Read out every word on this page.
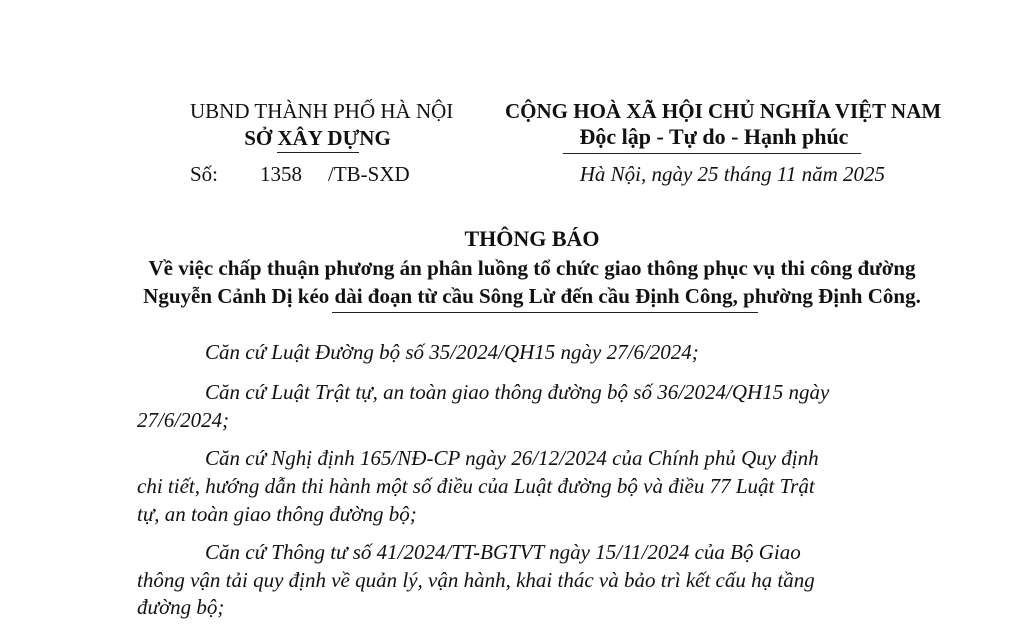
UBND THÀNH PHỐ HÀ NỘI
SỞ XÂY DỰNG
Số: 1358 /TB-SXD
CỘNG HOÀ XÃ HỘI CHỦ NGHĨA VIỆT NAM
Độc lập - Tự do - Hạnh phúc
Hà Nội, ngày 25 tháng 11 năm 2025
THÔNG BÁO
Về việc chấp thuận phương án phân luồng tổ chức giao thông phục vụ thi công đường
Nguyễn Cảnh Dị kéo dài đoạn từ cầu Sông Lừ đến cầu Định Công, phường Định Công.
Căn cứ Luật Đường bộ số 35/2024/QH15 ngày 27/6/2024;
Căn cứ Luật Trật tự, an toàn giao thông đường bộ số 36/2024/QH15 ngày
27/6/2024;
Căn cứ Nghị định 165/NĐ-CP ngày 26/12/2024 của Chính phủ Quy định
chi tiết, hướng dẫn thi hành một số điều của Luật đường bộ và điều 77 Luật Trật
tự, an toàn giao thông đường bộ;
Căn cứ Thông tư số 41/2024/TT-BGTVT ngày 15/11/2024 của Bộ Giao
thông vận tải quy định về quản lý, vận hành, khai thác và bảo trì kết cấu hạ tầng
đường bộ;
